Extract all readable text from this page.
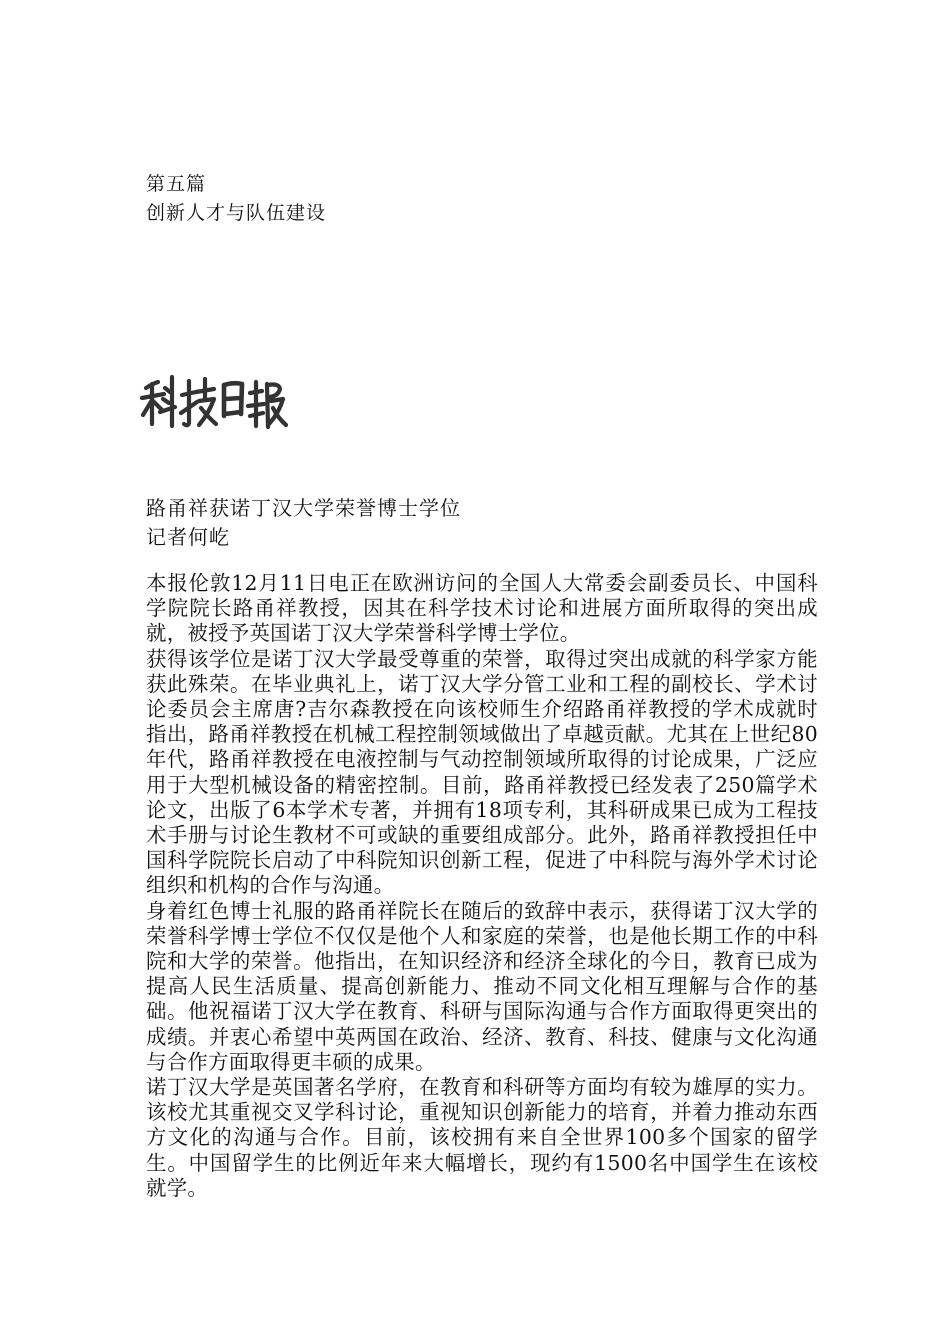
第五篇
创新人才与队伍建设
路甬祥获诺丁汉大学荣誉博士学位
记者何屹

本报伦敦12月11日电正在欧洲访问的全国人大常委会副委员长、中国科学院院长路甬祥教授，因其在科学技术讨论和进展方面所取得的突出成就，被授予英国诺丁汉大学荣誉科学博士学位。

获得该学位是诺丁汉大学最受尊重的荣誉，取得过突出成就的科学家方能获此殊荣。在毕业典礼上，诺丁汉大学分管工业和工程的副校长、学术讨论委员会主席唐?吉尔森教授在向该校师生介绍路甬祥教授的学术成就时指出，路甬祥教授在机械工程控制领域做出了卓越贡献。尤其在上世纪80年代，路甬祥教授在电液控制与气动控制领域所取得的讨论成果，广泛应用于大型机械设备的精密控制。目前，路甬祥教授已经发表了250篇学术论文，出版了6本学术专著，并拥有18项专利，其科研成果已成为工程技术手册与讨论生教材不可或缺的重要组成部分。此外，路甬祥教授担任中国科学院院长启动了中科院知识创新工程，促进了中科院与海外学术讨论组织和机构的合作与沟通。

身着红色博士礼服的路甬祥院长在随后的致辞中表示，获得诺丁汉大学的荣誉科学博士学位不仅仅是他个人和家庭的荣誉，也是他长期工作的中科院和大学的荣誉。他指出，在知识经济和经济全球化的今日，教育已成为提高人民生活质量、提高创新能力、推动不同文化相互理解与合作的基础。他祝福诺丁汉大学在教育、科研与国际沟通与合作方面取得更突出的成绩。并衷心希望中英两国在政治、经济、教育、科技、健康与文化沟通与合作方面取得更丰硕的成果。

诺丁汉大学是英国著名学府，在教育和科研等方面均有较为雄厚的实力。该校尤其重视交叉学科讨论，重视知识创新能力的培育，并着力推动东西方文化的沟通与合作。目前，该校拥有来自全世界100多个国家的留学生。中国留学生的比例近年来大幅增长，现约有1500名中国学生在该校就学。
